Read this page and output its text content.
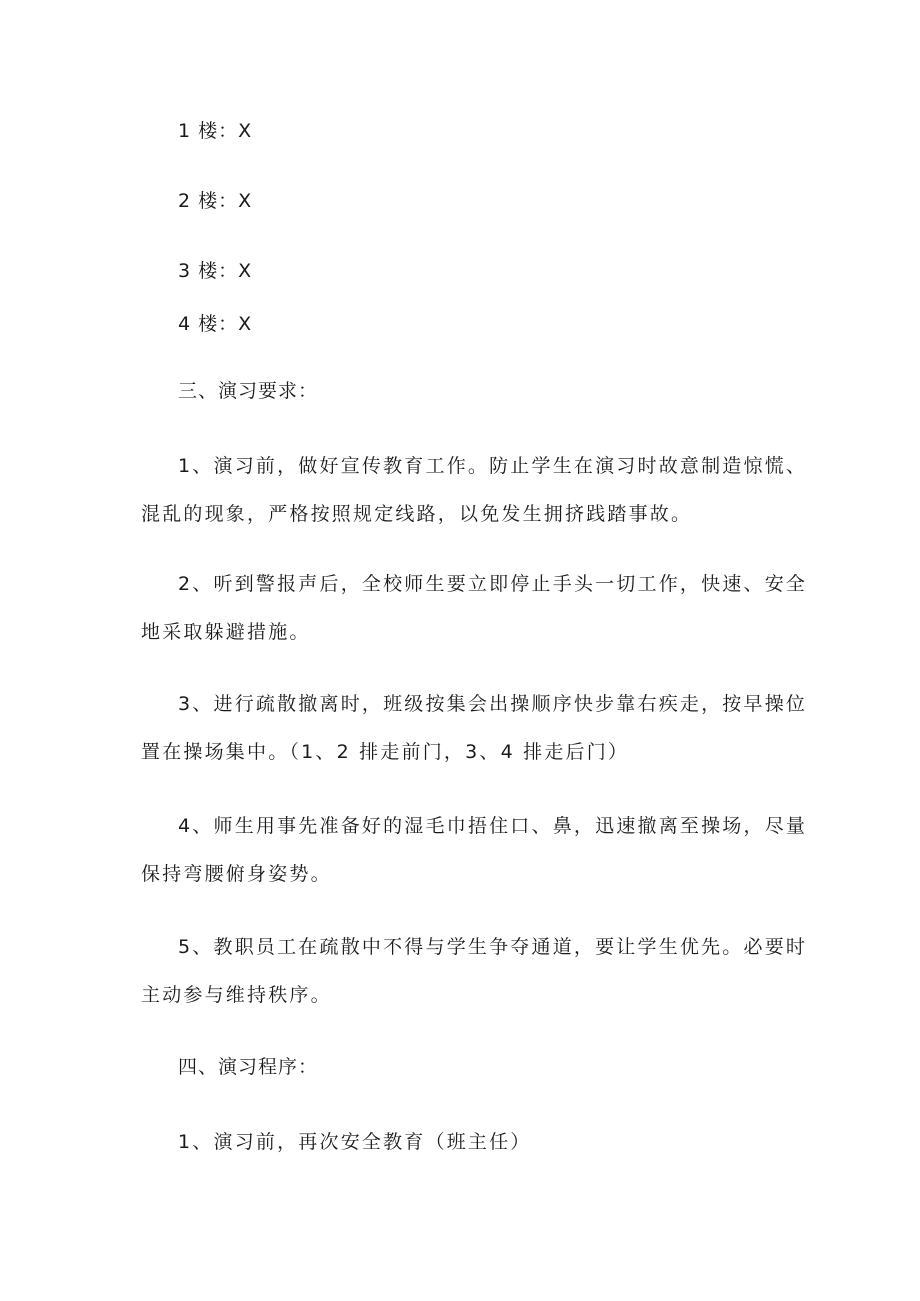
1 楼：X
2 楼：X
3 楼：X
4 楼：X
三、演习要求：
1、演习前，做好宣传教育工作。防止学生在演习时故意制造惊慌、
混乱的现象，严格按照规定线路，以免发生拥挤践踏事故。
2、听到警报声后，全校师生要立即停止手头一切工作，快速、安全
地采取躲避措施。
3、进行疏散撤离时，班级按集会出操顺序快步靠右疾走，按早操位
置在操场集中。（1、2 排走前门，3、4 排走后门）
4、师生用事先准备好的湿毛巾捂住口、鼻，迅速撤离至操场，尽量
保持弯腰俯身姿势。
5、教职员工在疏散中不得与学生争夺通道，要让学生优先。必要时
主动参与维持秩序。
四、演习程序：
1、演习前，再次安全教育（班主任）
